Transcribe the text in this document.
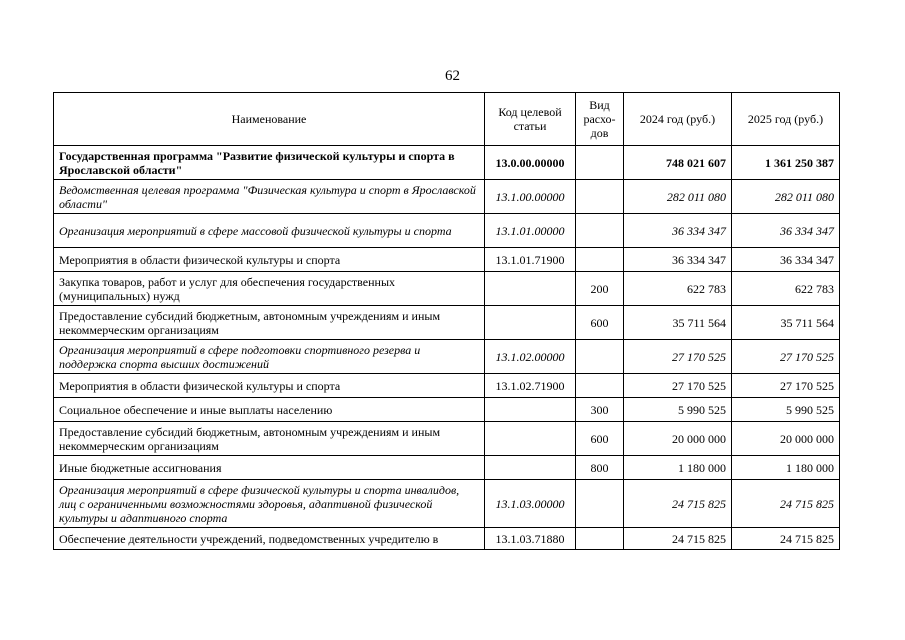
62
Наименование	Код целевой статьи	Вид расхо-дов	2024 год (руб.)	2025 год (руб.)
Государственная программа "Развитие физической культуры и спорта в Ярославской области"	13.0.00.00000		748 021 607	1 361 250 387
Ведомственная целевая программа "Физическая культура и спорт в Ярославской области"	13.1.00.00000		282 011 080	282 011 080
Организация мероприятий в сфере массовой физической культуры и спорта	13.1.01.00000		36 334 347	36 334 347
Мероприятия в области физической культуры и спорта	13.1.01.71900		36 334 347	36 334 347
Закупка товаров, работ и услуг для обеспечения государственных (муниципальных) нужд		200	622 783	622 783
Предоставление субсидий бюджетным, автономным учреждениям и иным некоммерческим организациям		600	35 711 564	35 711 564
Организация мероприятий в сфере подготовки спортивного резерва и поддержка спорта высших достижений	13.1.02.00000		27 170 525	27 170 525
Мероприятия в области физической культуры и спорта	13.1.02.71900		27 170 525	27 170 525
Социальное обеспечение и иные выплаты населению		300	5 990 525	5 990 525
Предоставление субсидий бюджетным, автономным учреждениям и иным некоммерческим организациям		600	20 000 000	20 000 000
Иные бюджетные ассигнования		800	1 180 000	1 180 000
Организация мероприятий в сфере физической культуры и спорта инвалидов, лиц с ограниченными возможностями здоровья, адаптивной физической культуры и адаптивного спорта	13.1.03.00000		24 715 825	24 715 825
Обеспечение деятельности учреждений, подведомственных учредителю в	13.1.03.71880		24 715 825	24 715 825
